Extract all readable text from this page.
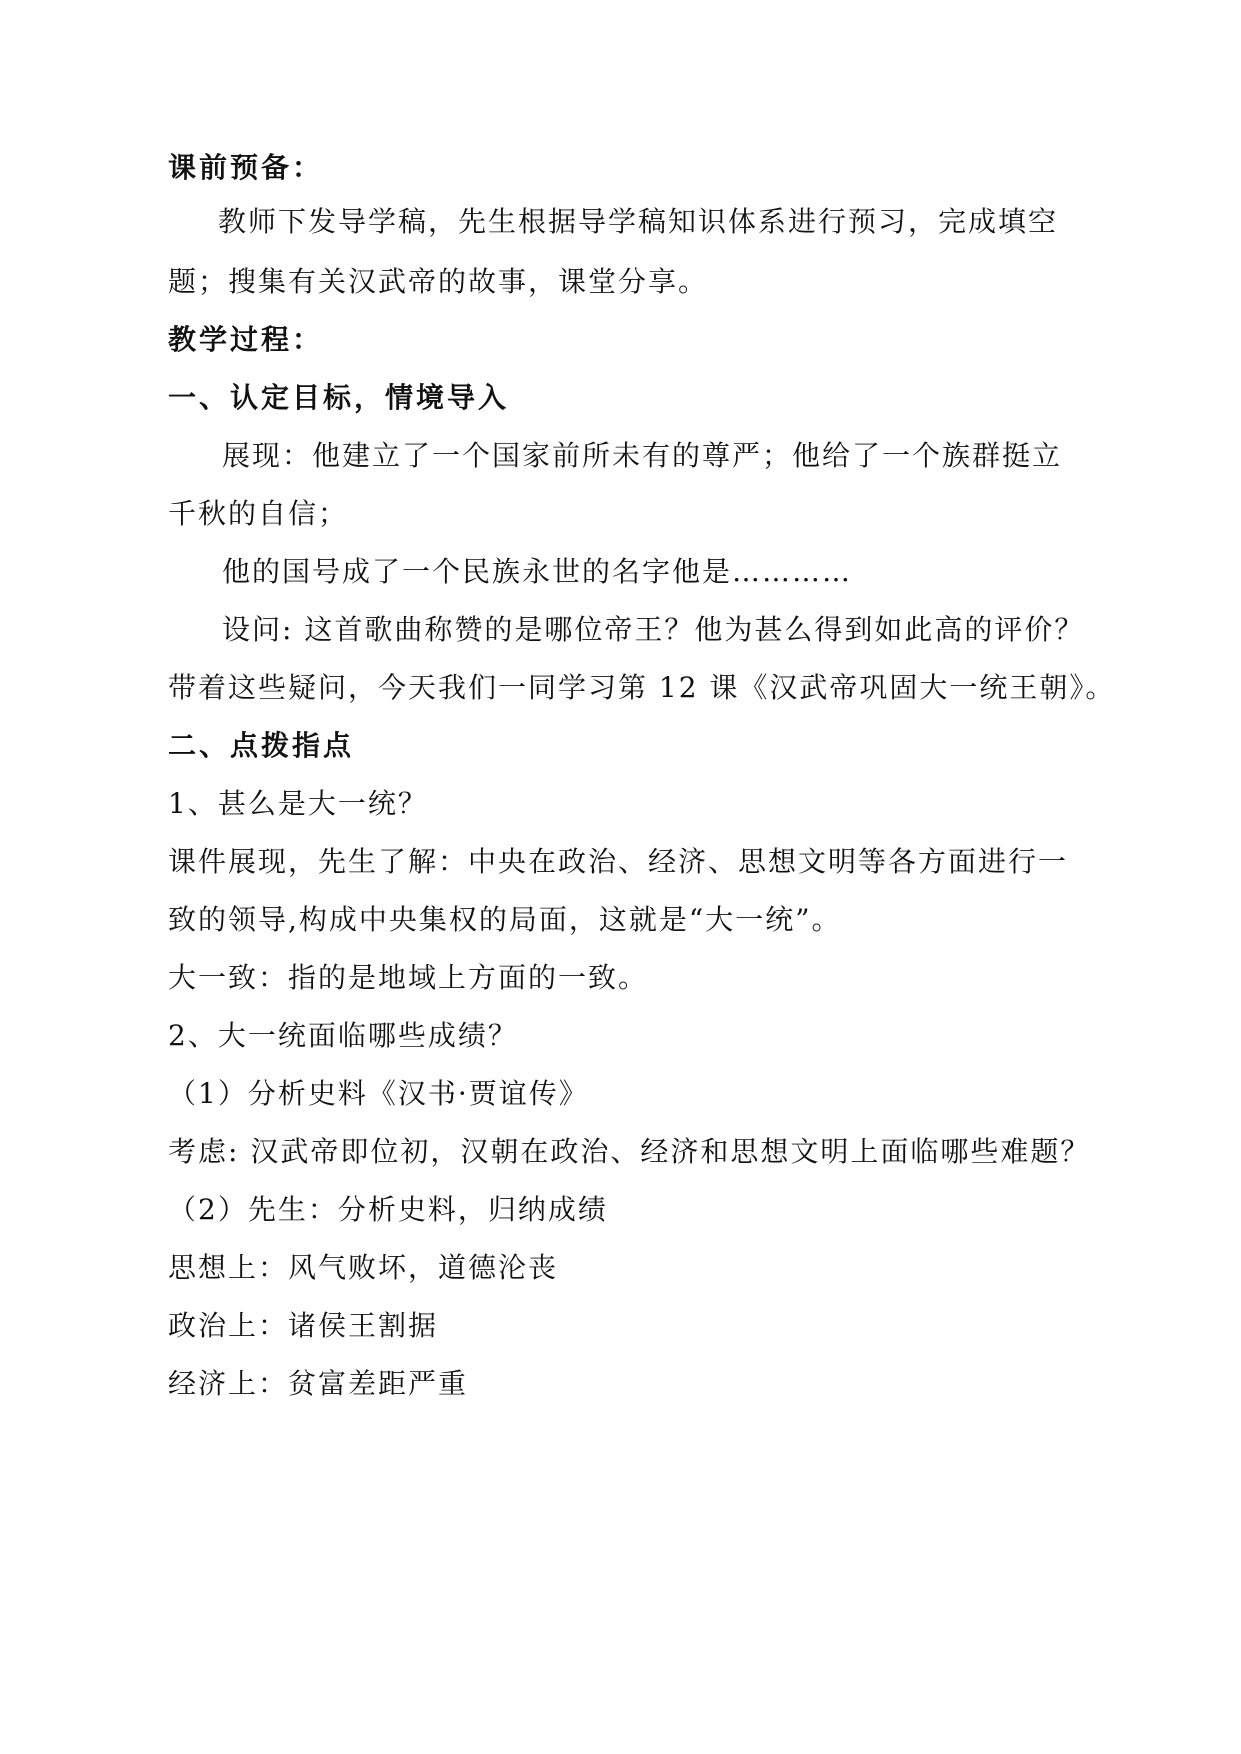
课前预备：
教师下发导学稿，先生根据导学稿知识体系进行预习，完成填空
题；搜集有关汉武帝的故事，课堂分享。
教学过程：
一、认定目标，情境导入
展现：他建立了一个国家前所未有的尊严；他给了一个族群挺立
千秋的自信；
他的国号成了一个民族永世的名字他是…………
设问: 这首歌曲称赞的是哪位帝王？他为甚么得到如此高的评价？
带着这些疑问，今天我们一同学习第 12 课《汉武帝巩固大一统王朝》。
二、点拨指点
1、甚么是大一统？
课件展现，先生了解：中央在政治、经济、思想文明等各方面进行一
致的领导,构成中央集权的局面，这就是“大一统”。
大一致：指的是地域上方面的一致。
2、大一统面临哪些成绩？
（1）分析史料《汉书·贾谊传》
考虑: 汉武帝即位初，汉朝在政治、经济和思想文明上面临哪些难题？
（2）先生：分析史料，归纳成绩
思想上：风气败坏，道德沦丧
政治上：诸侯王割据
经济上：贫富差距严重
